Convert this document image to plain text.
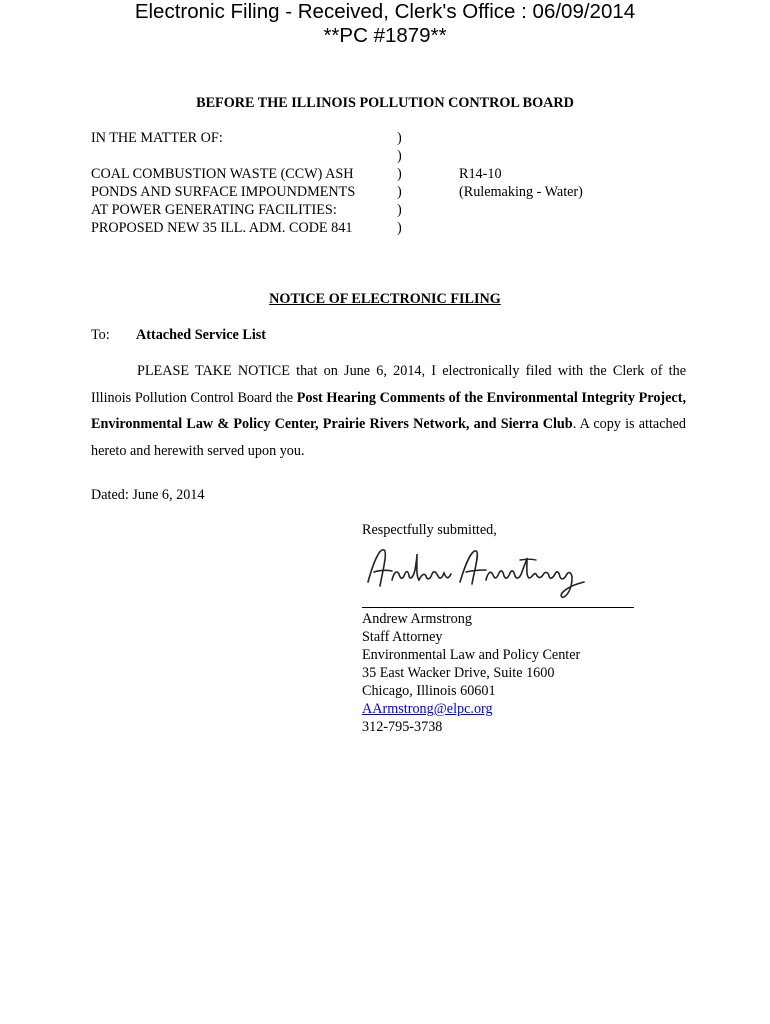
Electronic Filing - Received, Clerk's Office : 06/09/2014
**PC #1879**
BEFORE THE ILLINOIS POLLUTION CONTROL BOARD
IN THE MATTER OF:
COAL COMBUSTION WASTE (CCW) ASH
PONDS AND SURFACE IMPOUNDMENTS
AT POWER GENERATING FACILITIES:
PROPOSED NEW 35 ILL. ADM. CODE 841
)
)
)
)
)
)
R14-10
(Rulemaking - Water)
NOTICE OF ELECTRONIC FILING
To: Attached Service List
PLEASE TAKE NOTICE that on June 6, 2014, I electronically filed with the Clerk of the Illinois Pollution Control Board the Post Hearing Comments of the Environmental Integrity Project, Environmental Law & Policy Center, Prairie Rivers Network, and Sierra Club. A copy is attached hereto and herewith served upon you.
Dated: June 6, 2014
Respectfully submitted,
Andrew Armstrong
Staff Attorney
Environmental Law and Policy Center
35 East Wacker Drive, Suite 1600
Chicago, Illinois 60601
AArmstrong@elpc.org
312-795-3738
